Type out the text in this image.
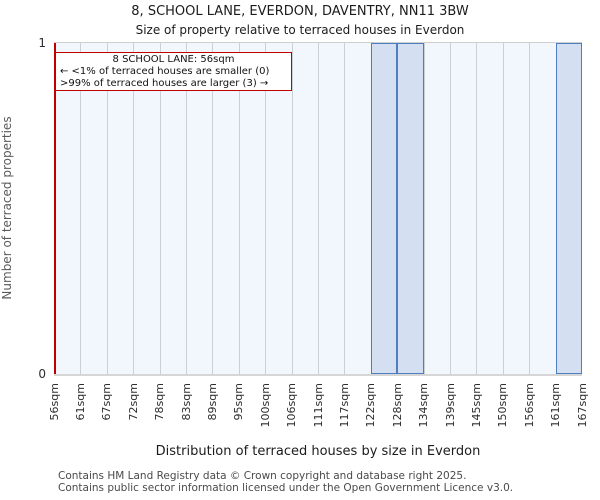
8, SCHOOL LANE, EVERDON, DAVENTRY, NN11 3BW
Size of property relative to terraced houses in Everdon
8 SCHOOL LANE: 56sqm
← <1% of terraced houses are smaller (0)
>99% of terraced houses are larger (3) →
1
0
Number of terraced properties
56sqm 61sqm 67sqm 72sqm 78sqm 83sqm 89sqm 95sqm 100sqm 106sqm 111sqm 117sqm 122sqm 128sqm 134sqm 139sqm 145sqm 150sqm 156sqm 161sqm 167sqm
Distribution of terraced houses by size in Everdon
Contains HM Land Registry data © Crown copyright and database right 2025.
Contains public sector information licensed under the Open Government Licence v3.0.
